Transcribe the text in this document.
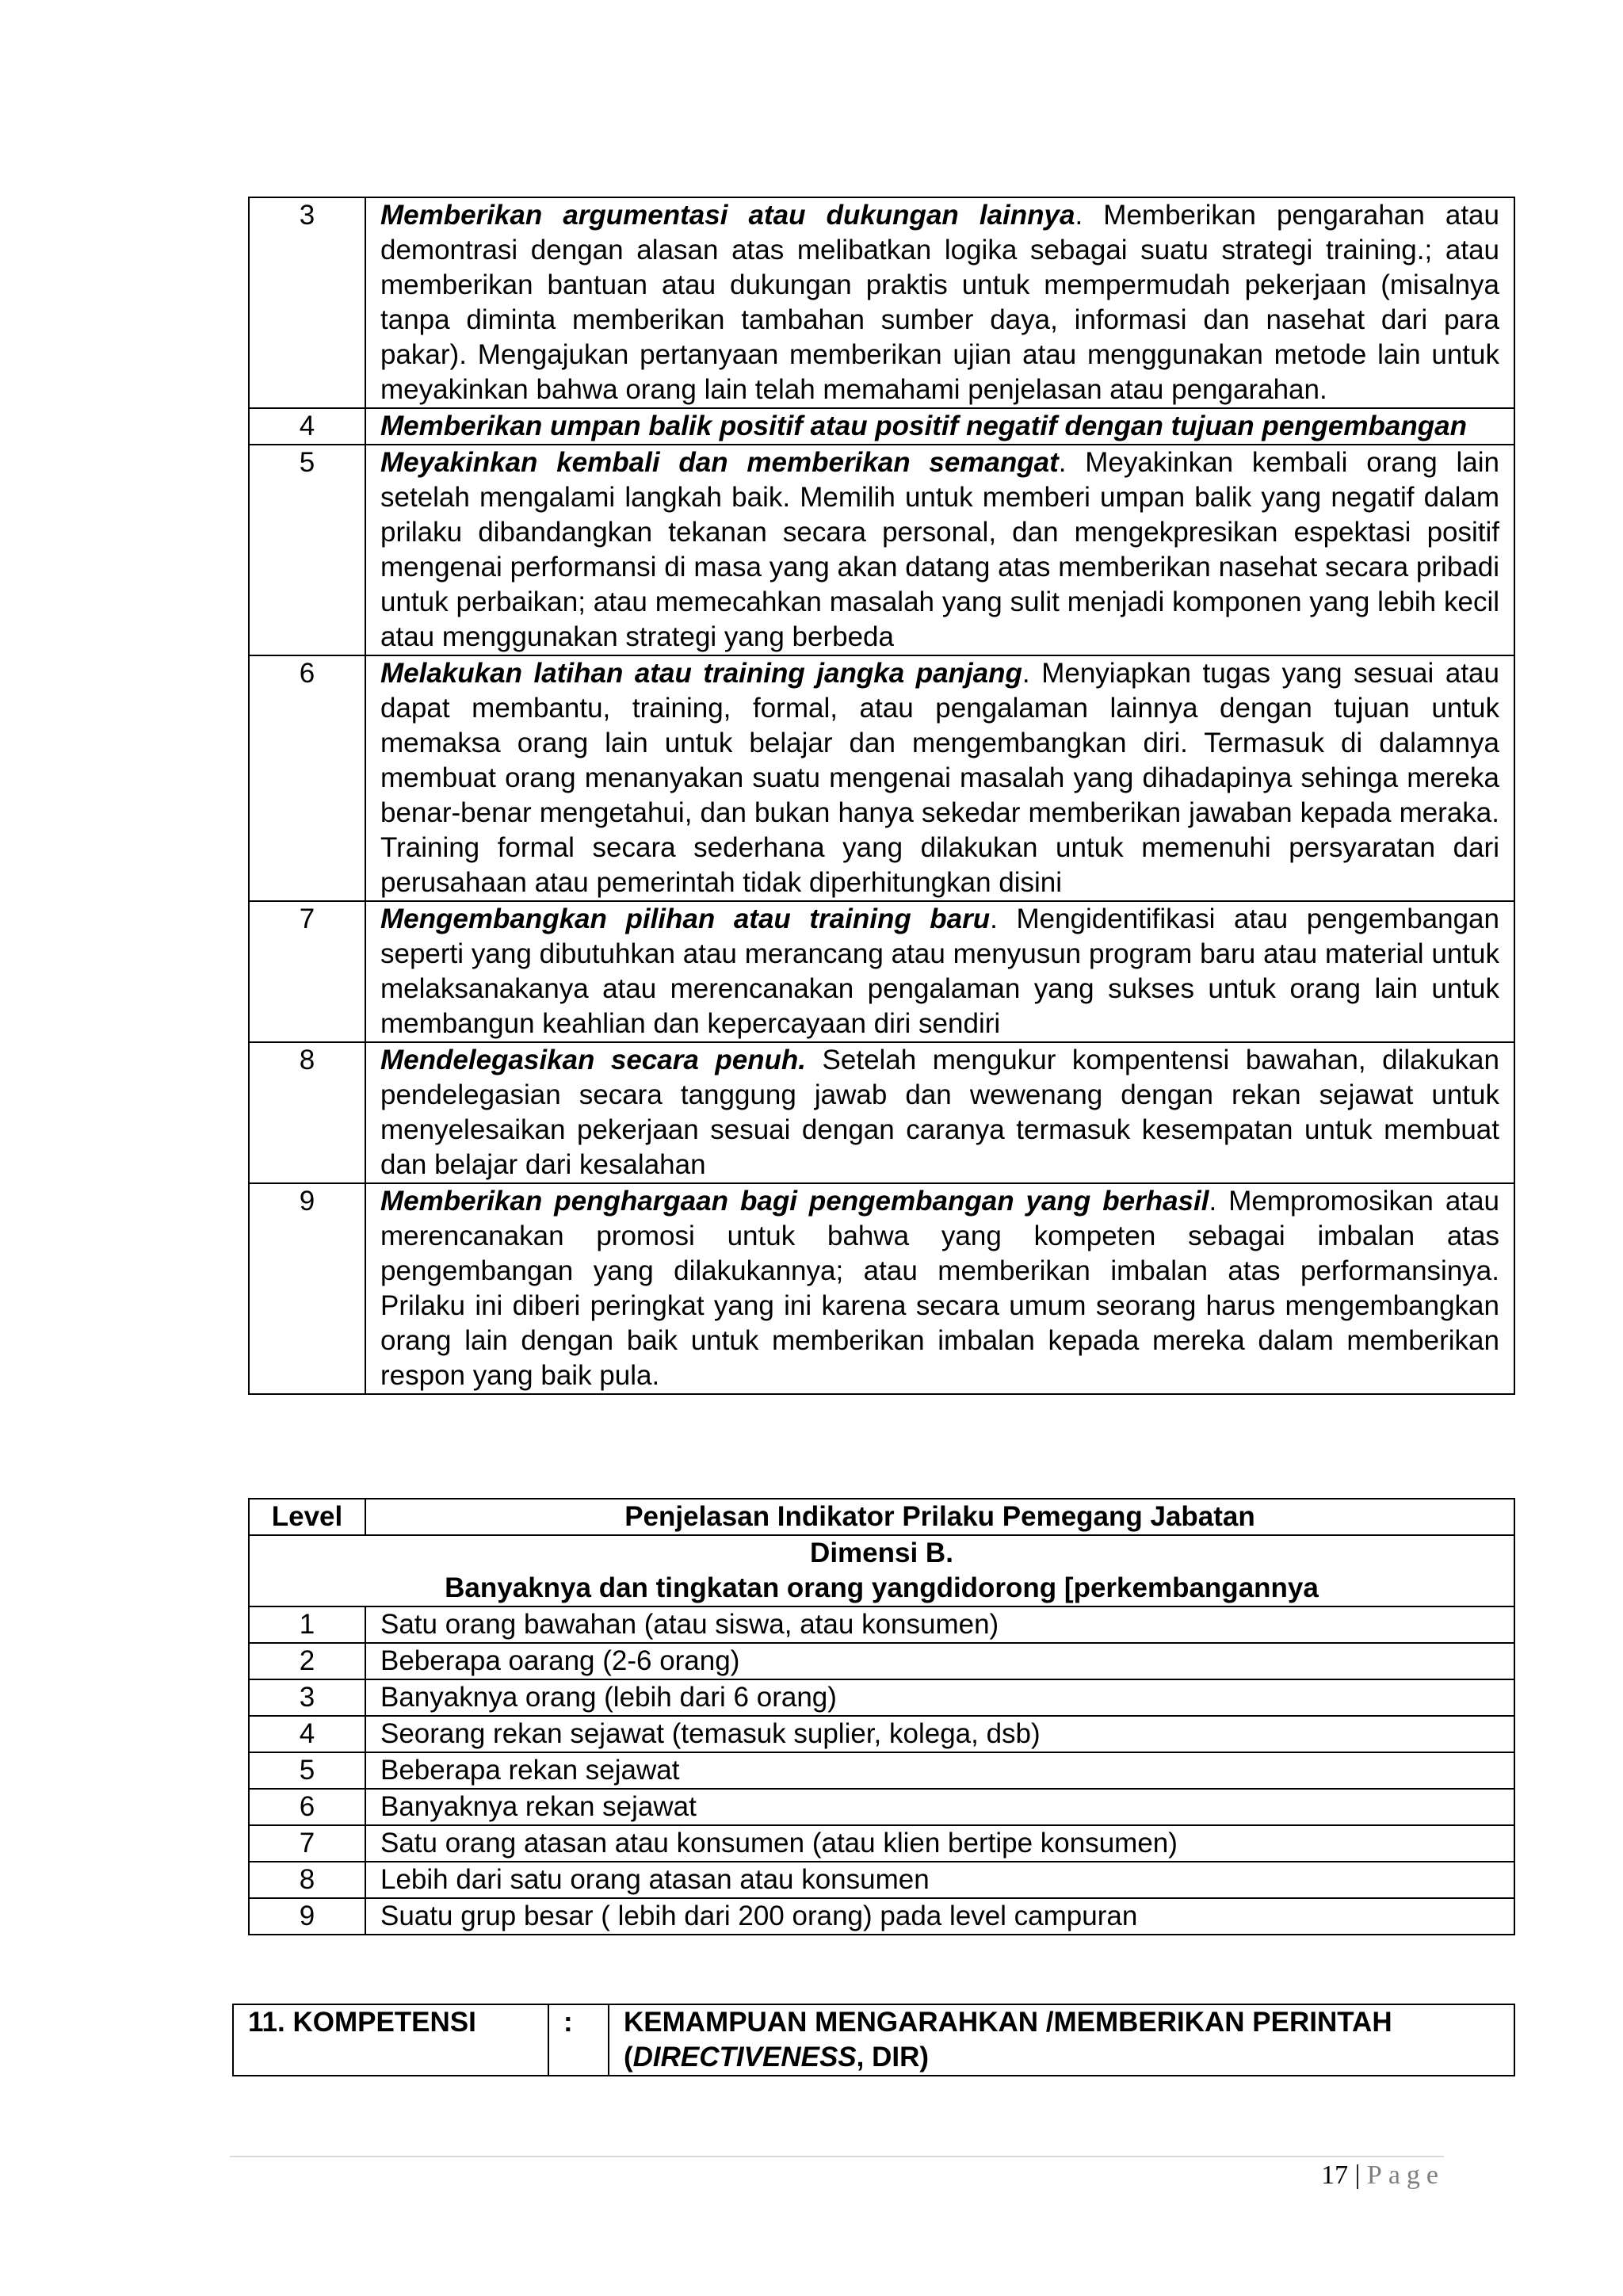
3	Memberikan argumentasi atau dukungan lainnya. Memberikan pengarahan atau demontrasi dengan alasan atas melibatkan logika sebagai suatu strategi training.; atau memberikan bantuan atau dukungan praktis untuk mempermudah pekerjaan (misalnya tanpa diminta memberikan tambahan sumber daya, informasi dan nasehat dari para pakar). Mengajukan pertanyaan memberikan ujian atau menggunakan metode lain untuk meyakinkan bahwa orang lain telah memahami penjelasan atau pengarahan.
4	Memberikan umpan balik positif atau positif negatif dengan tujuan pengembangan
5	Meyakinkan kembali dan memberikan semangat. Meyakinkan kembali orang lain setelah mengalami langkah baik. Memilih untuk memberi umpan balik yang negatif dalam prilaku dibandangkan tekanan secara personal, dan mengekpresikan espektasi positif mengenai performansi di masa yang akan datang atas memberikan nasehat secara pribadi untuk perbaikan; atau memecahkan masalah yang sulit menjadi komponen yang lebih kecil atau menggunakan strategi yang berbeda
6	Melakukan latihan atau training jangka panjang. Menyiapkan tugas yang sesuai atau dapat membantu, training, formal, atau pengalaman lainnya dengan tujuan untuk memaksa orang lain untuk belajar dan mengembangkan diri. Termasuk di dalamnya membuat orang menanyakan suatu mengenai masalah yang dihadapinya sehinga mereka benar-benar mengetahui, dan bukan hanya sekedar memberikan jawaban kepada meraka. Training formal secara sederhana yang dilakukan untuk memenuhi persyaratan dari perusahaan atau pemerintah tidak diperhitungkan disini
7	Mengembangkan pilihan atau training baru. Mengidentifikasi atau pengembangan seperti yang dibutuhkan atau merancang atau menyusun program baru atau material untuk melaksanakanya atau merencanakan pengalaman yang sukses untuk orang lain untuk membangun keahlian dan kepercayaan diri sendiri
8	Mendelegasikan secara penuh. Setelah mengukur kompentensi bawahan, dilakukan pendelegasian secara tanggung jawab dan wewenang dengan rekan sejawat untuk menyelesaikan pekerjaan sesuai dengan caranya termasuk kesempatan untuk membuat dan belajar dari kesalahan
9	Memberikan penghargaan bagi pengembangan yang berhasil. Mempromosikan atau merencanakan promosi untuk bahwa yang kompeten sebagai imbalan atas pengembangan yang dilakukannya; atau memberikan imbalan atas performansinya. Prilaku ini diberi peringkat yang ini karena secara umum seorang harus mengembangkan orang lain dengan baik untuk memberikan imbalan kepada mereka dalam memberikan respon yang baik pula.
Level	Penjelasan Indikator Prilaku Pemegang Jabatan

Dimensi B.
Banyaknya dan tingkatan orang yangdidorong [perkembangannya	

1	Satu orang bawahan (atau siswa, atau konsumen)
2	Beberapa oarang (2-6 orang)
3	Banyaknya orang (lebih dari 6 orang)
4	Seorang rekan sejawat (temasuk suplier, kolega, dsb)
5	Beberapa rekan sejawat
6	Banyaknya rekan sejawat
7	Satu orang atasan atau konsumen (atau klien bertipe konsumen)
8	Lebih dari satu orang atasan atau konsumen
9	Suatu grup besar ( lebih dari 200 orang) pada level campuran
11. KOMPETENSI	:	KEMAMPUAN MENGARAHKAN /MEMBERIKAN PERINTAH
(DIRECTIVENESS, DIR)
17 | Page
